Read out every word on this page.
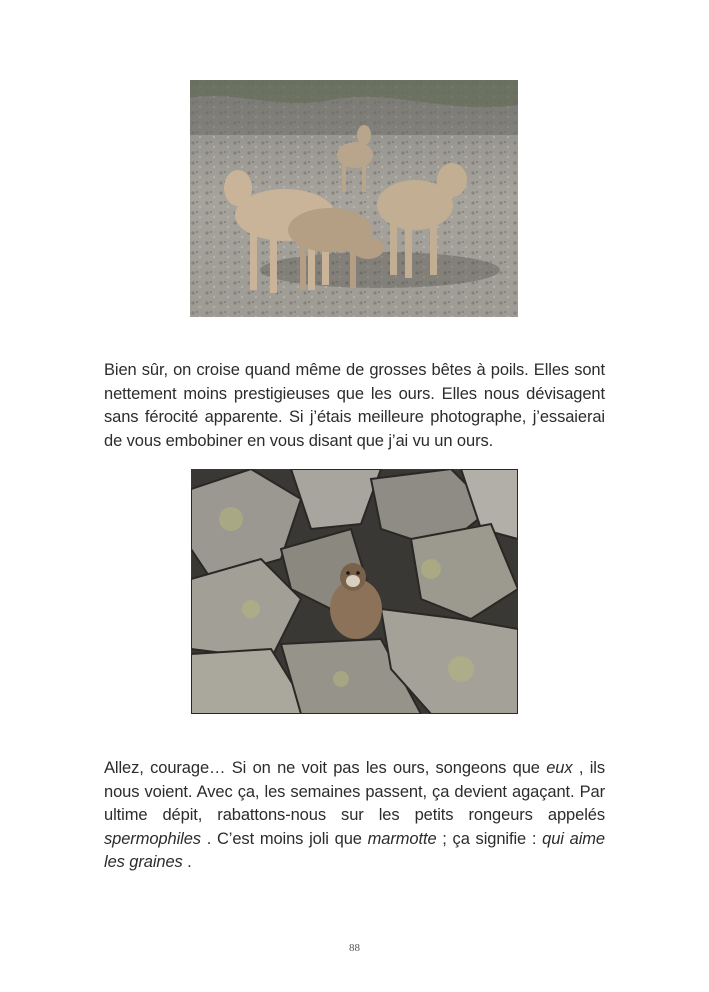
Bien sûr, on croise quand même de grosses bêtes à poils. Elles sont nettement moins prestigieuses que les ours. Elles nous dévisagent sans férocité apparente. Si j’étais meilleure photographe, j’essaierai de vous embobiner en vous disant que j’ai vu un ours.

Allez, courage… Si on ne voit pas les ours, songeons que eux , ils nous voient. Avec ça, les semaines passent, ça devient agaçant. Par ultime dépit, rabattons-nous sur les petits rongeurs appelés spermophiles . C’est moins joli que marmotte ; ça signifie : qui aime les graines .

88
